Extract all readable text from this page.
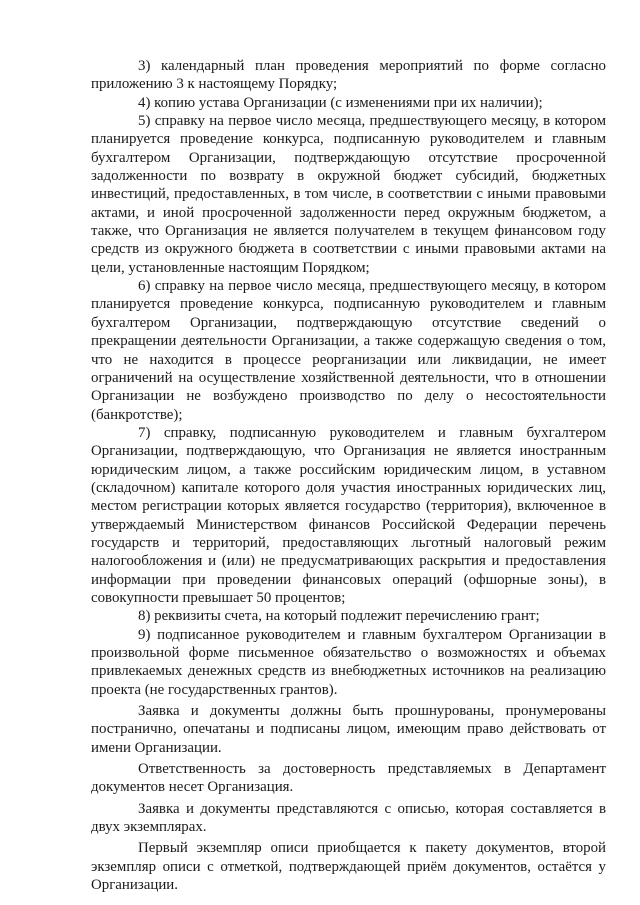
3) календарный план проведения мероприятий по форме согласно приложению 3 к настоящему Порядку;

4) копию устава Организации (с изменениями при их наличии);

5) справку на первое число месяца, предшествующего месяцу, в котором планируется проведение конкурса, подписанную руководителем и главным бухгалтером Организации, подтверждающую отсутствие просроченной задолженности по возврату в окружной бюджет субсидий, бюджетных инвестиций, предоставленных, в том числе, в соответствии с иными правовыми актами, и иной просроченной задолженности перед окружным бюджетом, а также, что Организация не является получателем в текущем финансовом году средств из окружного бюджета в соответствии с иными правовыми актами на цели, установленные настоящим Порядком;

6) справку на первое число месяца, предшествующего месяцу, в котором планируется проведение конкурса, подписанную руководителем и главным бухгалтером Организации, подтверждающую отсутствие сведений о прекращении деятельности Организации, а также содержащую сведения о том, что не находится в процессе реорганизации или ликвидации, не имеет ограничений на осуществление хозяйственной деятельности, что в отношении Организации не возбуждено производство по делу о несостоятельности (банкротстве);

7) справку, подписанную руководителем и главным бухгалтером Организации, подтверждающую, что Организация не является иностранным юридическим лицом, а также российским юридическим лицом, в уставном (складочном) капитале которого доля участия иностранных юридических лиц, местом регистрации которых является государство (территория), включенное в утверждаемый Министерством финансов Российской Федерации перечень государств и территорий, предоставляющих льготный налоговый режим налогообложения и (или) не предусматривающих раскрытия и предоставления информации при проведении финансовых операций (офшорные зоны), в совокупности превышает 50 процентов;

8) реквизиты счета, на который подлежит перечислению грант;

9) подписанное руководителем и главным бухгалтером Организации в произвольной форме письменное обязательство о возможностях и объемах привлекаемых денежных средств из внебюджетных источников на реализацию проекта (не государственных грантов).

Заявка и документы должны быть прошнурованы, пронумерованы постранично, опечатаны и подписаны лицом, имеющим право действовать от имени Организации.

Ответственность за достоверность представляемых в Департамент документов несет Организация.

Заявка и документы представляются с описью, которая составляется в двух экземплярах.

Первый экземпляр описи приобщается к пакету документов, второй экземпляр описи с отметкой, подтверждающей приём документов, остаётся у Организации.
